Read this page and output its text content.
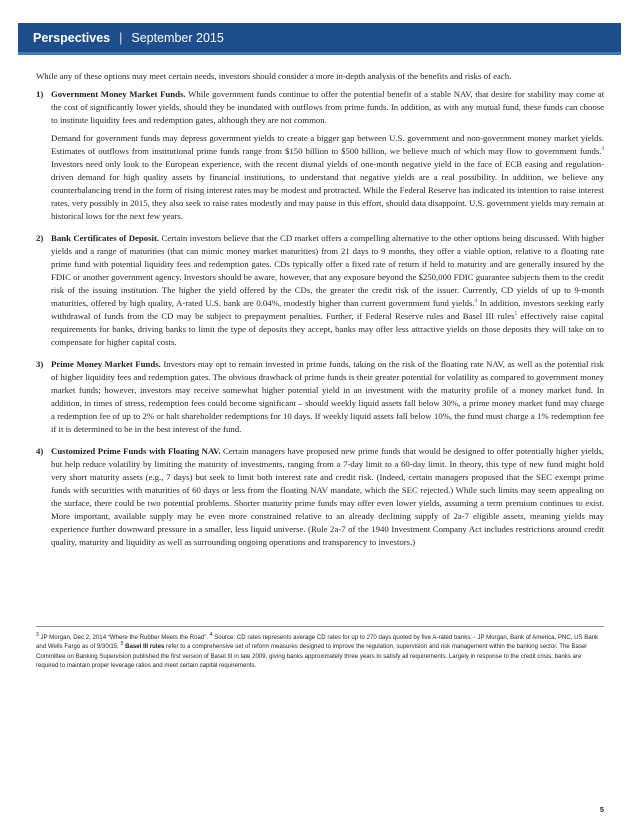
Perspectives | September 2015

While any of these options may meet certain needs, investors should consider a more in-depth analysis of the benefits and risks of each.

1) Government Money Market Funds. While government funds continue to offer the potential benefit of a stable NAV, that desire for stability may come at the cost of significantly lower yields, should they be inundated with outflows from prime funds. In addition, as with any mutual fund, these funds can choose to institute liquidity fees and redemption gates, although they are not common.

Demand for government funds may depress government yields to create a bigger gap between U.S. government and non-government money market yields. Estimates of outflows from institutional prime funds range from $150 billion to $500 billion, we believe much of which may flow to government funds.$^3$ Investors need only look to the European experience, with the recent dismal yields of one-month negative yield in the face of ECB easing and regulation-driven demand for high quality assets by financial institutions, to understand that negative yields are a real possibility. In addition, we believe any counterbalancing trend in the form of rising interest rates may be modest and protracted. While the Federal Reserve has indicated its intention to raise interest rates, very possibly in 2015, they also seek to raise rates modestly and may pause in this effort, should data disappoint. U.S. government yields may remain at historical lows for the next few years.

2) Bank Certificates of Deposit. Certain investors believe that the CD market offers a compelling alternative to the other options being discussed. With higher yields and a range of maturities (that can mimic money market maturities) from 21 days to 9 months, they offer a viable option, relative to a floating rate prime fund with potential liquidity fees and redemption gates. CDs typically offer a fixed rate of return if held to maturity and are generally insured by the FDIC or another government agency. Investors should be aware, however, that any exposure beyond the $250,000 FDIC guarantee subjects them to the credit risk of the issuing institution. The higher the yield offered by the CDs, the greater the credit risk of the issuer. Currently, CD yields of up to 9-month maturities, offered by high quality, A-rated U.S. bank are 0.04%, modestly higher than current government fund yields.$^4$ In addition, investors seeking early withdrawal of funds from the CD may be subject to prepayment penalties. Further, if Federal Reserve rules and Basel III rules$^5$ effectively raise capital requirements for banks, driving banks to limit the type of deposits they accept, banks may offer less attractive yields on those deposits they will take on to compensate for higher capital costs.

3) Prime Money Market Funds. Investors may opt to remain invested in prime funds, taking on the risk of the floating rate NAV, as well as the potential risk of higher liquidity fees and redemption gates. The obvious drawback of prime funds is their greater potential for volatility as compared to government money market funds; however, investors may receive somewhat higher potential yield in an investment with the maturity profile of a money market fund. In addition, in times of stress, redemption fees could become significant – should weekly liquid assets fall below 30%, a prime money market fund may charge a redemption fee of up to 2% or halt shareholder redemptions for 10 days. If weekly liquid assets fall below 10%, the fund must charge a 1% redemption fee if it is determined to be in the best interest of the fund.

4) Customized Prime Funds with Floating NAV. Certain managers have proposed new prime funds that would be designed to offer potentially higher yields, but help reduce volatility by limiting the maturity of investments, ranging from a 7-day limit to a 60-day limit. In theory, this type of new fund might hold very short maturity assets (e.g., 7 days) but seek to limit both interest rate and credit risk. (Indeed, certain managers proposed that the SEC exempt prime funds with securities with maturities of 60 days or less from the floating NAV mandate, which the SEC rejected.) While such limits may seem appealing on the surface, there could be two potential problems. Shorter maturity prime funds may offer even lower yields, assuming a term premium continues to exist. More important, available supply may be even more constrained relative to an already declining supply of 2a-7 eligible assets, meaning yields may experience further downward pressure in a smaller, less liquid universe. (Rule 2a-7 of the 1940 Investment Company Act includes restrictions around credit quality, maturity and liquidity as well as surrounding ongoing operations and transparency to investors.)

$^3$ JP Morgan, Dec 2, 2014 “Where the Rubber Meets the Road”. $^4$ Source: CD rates represents average CD rates for up to 270 days quoted by five A-rated banks: - JP Morgan, Bank of America, PNC, US Bank and Wells Fargo as of 9/30/15. $^5$ Basel III rules refer to a comprehensive set of reform measures designed to improve the regulation, supervision and risk management within the banking sector. The Basel Committee on Banking Supervision published the first version of Basel III in late 2009, giving banks approximately three years to satisfy all requirements. Largely in response to the credit crisis, banks are required to maintain proper leverage ratios and meet certain capital requirements.
5
